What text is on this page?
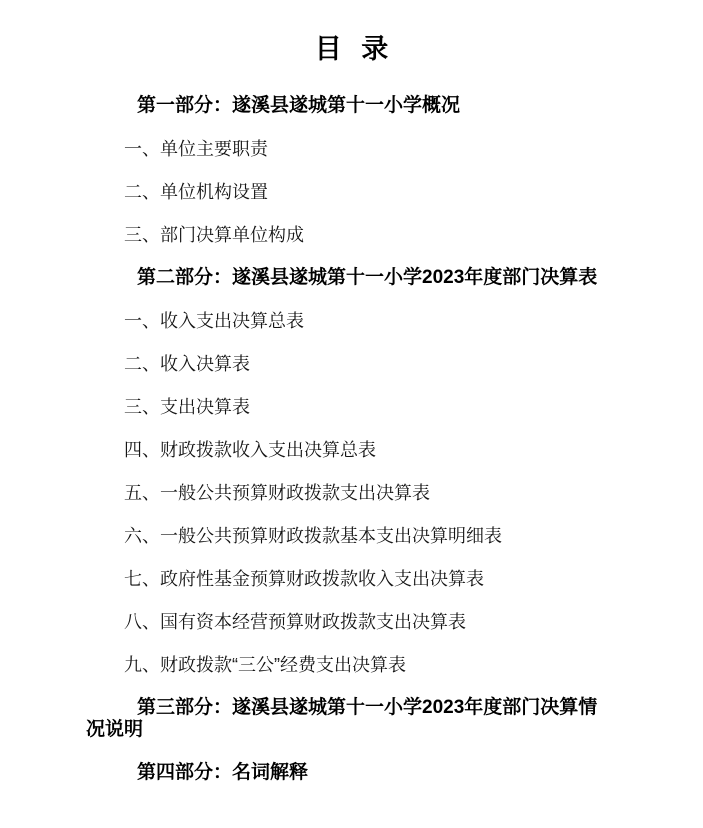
目 录

第一部分：遂溪县遂城第十一小学概况

一、单位主要职责

二、单位机构设置

三、部门决算单位构成

第二部分：遂溪县遂城第十一小学2023年度部门决算表

一、收入支出决算总表

二、收入决算表

三、支出决算表

四、财政拨款收入支出决算总表

五、一般公共预算财政拨款支出决算表

六、一般公共预算财政拨款基本支出决算明细表

七、政府性基金预算财政拨款收入支出决算表

八、国有资本经营预算财政拨款支出决算表

九、财政拨款“三公”经费支出决算表

第三部分：遂溪县遂城第十一小学2023年度部门决算情况说明

第四部分：名词解释
